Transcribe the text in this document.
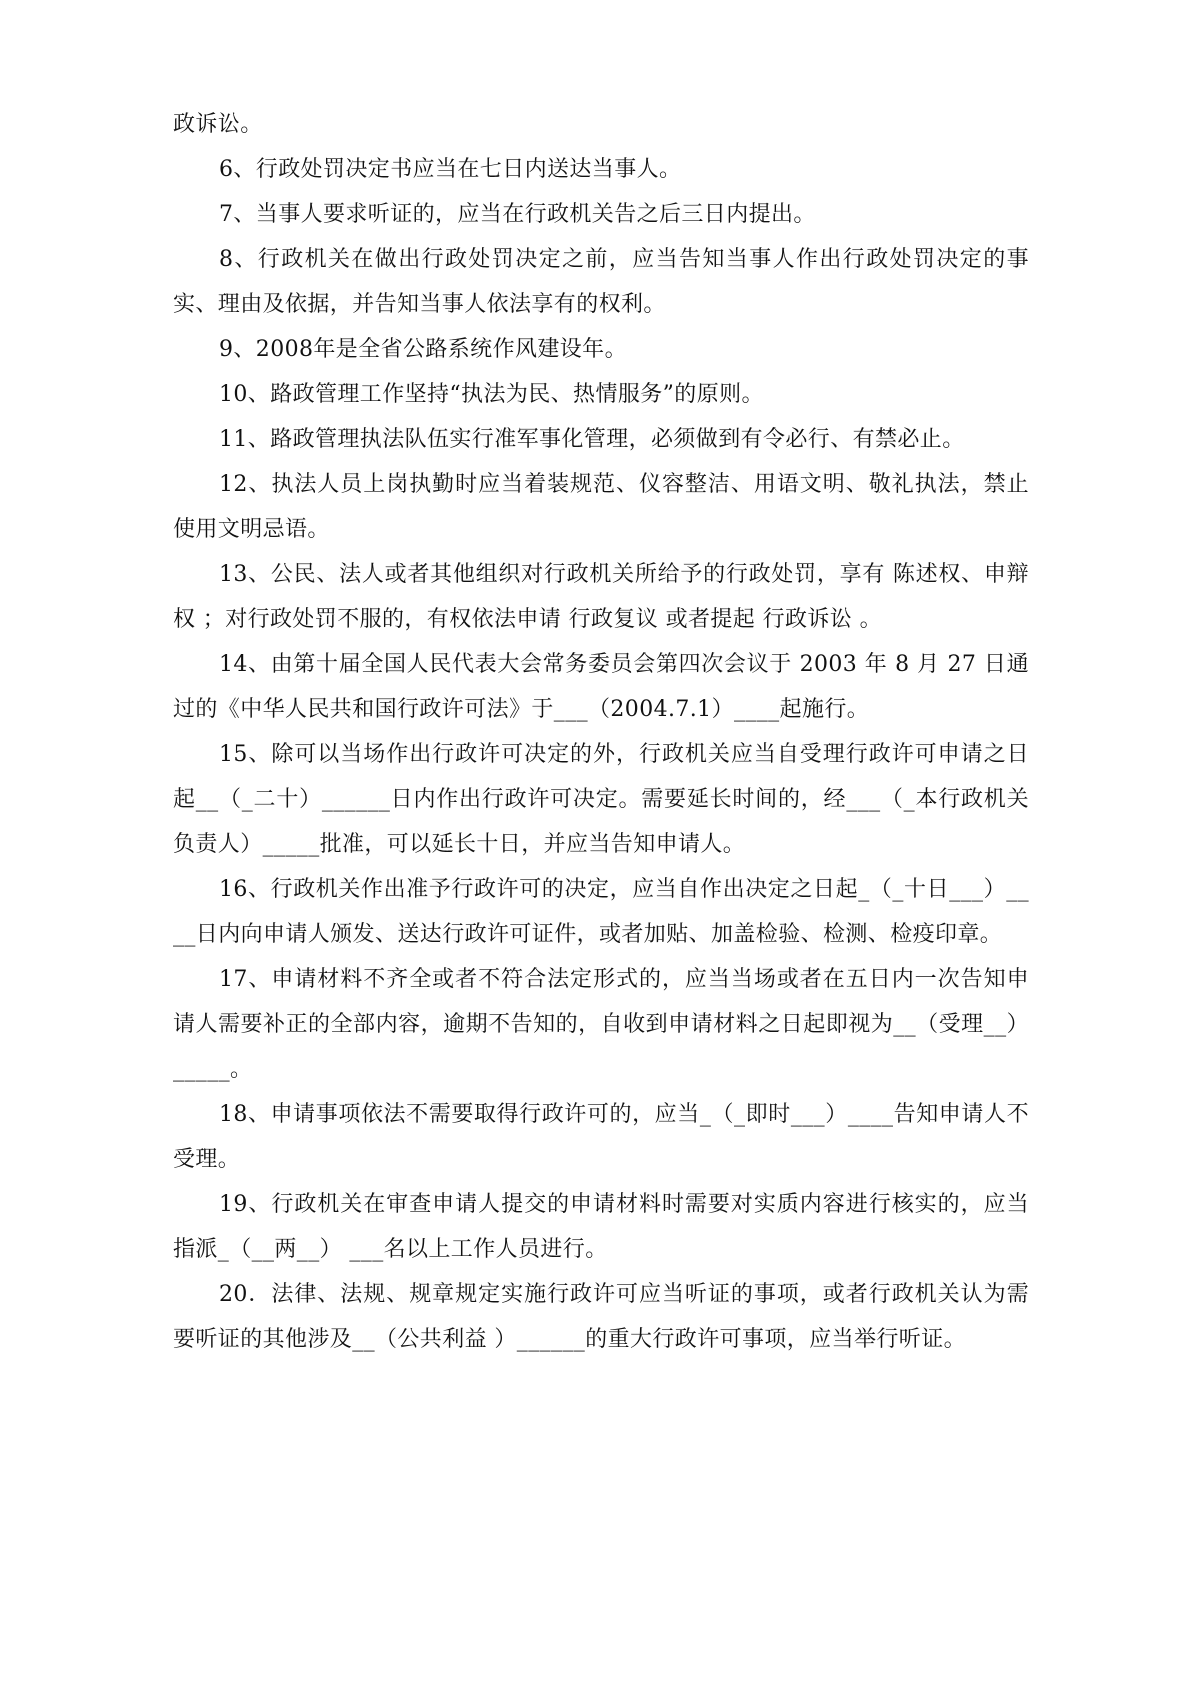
政诉讼。

6、行政处罚决定书应当在七日内送达当事人。

7、当事人要求听证的，应当在行政机关告之后三日内提出。

8、行政机关在做出行政处罚决定之前，应当告知当事人作出行政处罚决定的事实、理由及依据，并告知当事人依法享有的权利。

9、2008年是全省公路系统作风建设年。

10、路政管理工作坚持“执法为民、热情服务”的原则。

11、路政管理执法队伍实行准军事化管理，必须做到有令必行、有禁必止。

12、执法人员上岗执勤时应当着装规范、仪容整洁、用语文明、敬礼执法，禁止使用文明忌语。

13、公民、法人或者其他组织对行政机关所给予的行政处罚，享有 陈述权、申辩权 ；对行政处罚不服的，有权依法申请 行政复议 或者提起 行政诉讼 。

14、由第十届全国人民代表大会常务委员会第四次会议于 2003 年 8 月 27 日通过的《中华人民共和国行政许可法》于___（2004.7.1）____起施行。

15、除可以当场作出行政许可决定的外，行政机关应当自受理行政许可申请之日起__（_二十）______日内作出行政许可决定。需要延长时间的，经___（_本行政机关负责人）_____批准，可以延长十日，并应当告知申请人。

16、行政机关作出准予行政许可的决定，应当自作出决定之日起_（_十日___）____日内向申请人颁发、送达行政许可证件，或者加贴、加盖检验、检测、检疫印章。

17、申请材料不齐全或者不符合法定形式的，应当当场或者在五日内一次告知申请人需要补正的全部内容，逾期不告知的，自收到申请材料之日起即视为__（受理__）_____。

18、申请事项依法不需要取得行政许可的，应当_（_即时___）____告知申请人不受理。

19、行政机关在审查申请人提交的申请材料时需要对实质内容进行核实的，应当指派_（__两__） ___名以上工作人员进行。

20．法律、法规、规章规定实施行政许可应当听证的事项，或者行政机关认为需要听证的其他涉及__（公共利益 ）______的重大行政许可事项，应当举行听证。
